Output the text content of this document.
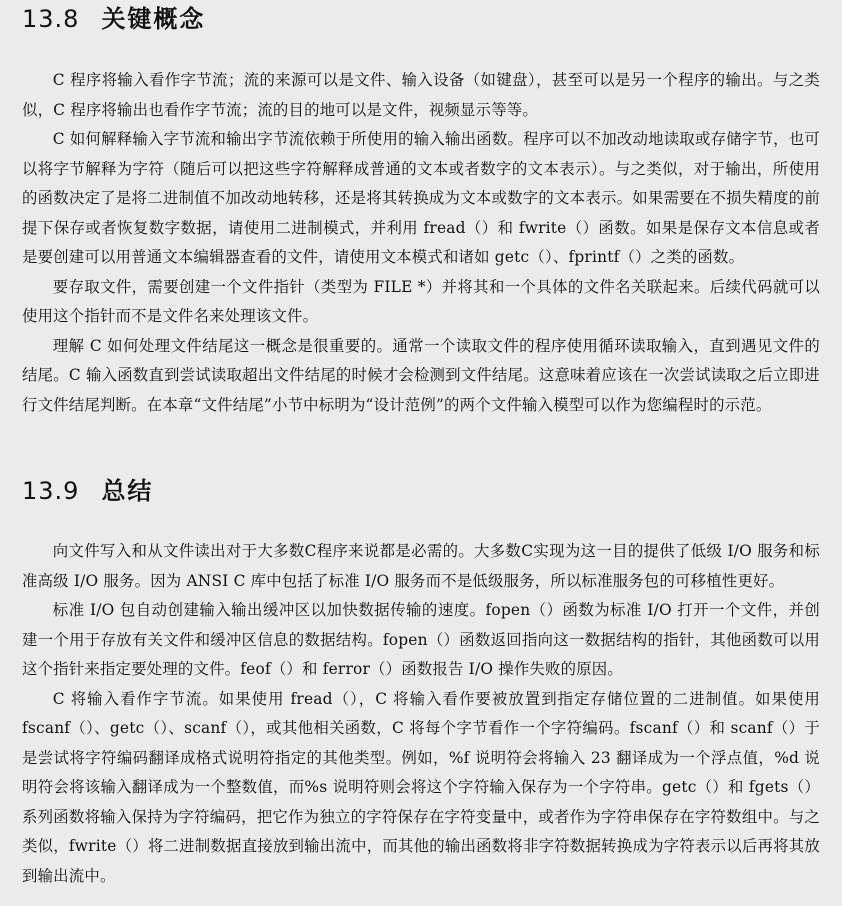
13.8 关键概念

C 程序将输入看作字节流；流的来源可以是文件、输入设备（如键盘），甚至可以是另一个程序的输出。与之类似，C 程序将输出也看作字节流；流的目的地可以是文件，视频显示等等。

C 如何解释输入字节流和输出字节流依赖于所使用的输入输出函数。程序可以不加改动地读取或存储字节，也可以将字节解释为字符（随后可以把这些字符解释成普通的文本或者数字的文本表示）。与之类似，对于输出，所使用的函数决定了是将二进制值不加改动地转移，还是将其转换成为文本或数字的文本表示。如果需要在不损失精度的前提下保存或者恢复数字数据，请使用二进制模式，并利用 fread（）和 fwrite（）函数。如果是保存文本信息或者是要创建可以用普通文本编辑器查看的文件，请使用文本模式和诸如 getc（）、fprintf（）之类的函数。

要存取文件，需要创建一个文件指针（类型为 FILE *）并将其和一个具体的文件名关联起来。后续代码就可以使用这个指针而不是文件名来处理该文件。

理解 C 如何处理文件结尾这一概念是很重要的。通常一个读取文件的程序使用循环读取输入，直到遇见文件的结尾。C 输入函数直到尝试读取超出文件结尾的时候才会检测到文件结尾。这意味着应该在一次尝试读取之后立即进行文件结尾判断。在本章“文件结尾”小节中标明为“设计范例”的两个文件输入模型可以作为您编程时的示范。

13.9 总结

向文件写入和从文件读出对于大多数C程序来说都是必需的。大多数C实现为这一目的提供了低级 I/O 服务和标准高级 I/O 服务。因为 ANSI C 库中包括了标准 I/O 服务而不是低级服务，所以标准服务包的可移植性更好。

标准 I/O 包自动创建输入输出缓冲区以加快数据传输的速度。fopen（）函数为标准 I/O 打开一个文件，并创建一个用于存放有关文件和缓冲区信息的数据结构。fopen（）函数返回指向这一数据结构的指针，其他函数可以用这个指针来指定要处理的文件。feof（）和 ferror（）函数报告 I/O 操作失败的原因。

C 将输入看作字节流。如果使用 fread（），C 将输入看作要被放置到指定存储位置的二进制值。如果使用 fscanf（）、getc（）、scanf（），或其他相关函数，C 将每个字节看作一个字符编码。fscanf（）和 scanf（）于是尝试将字符编码翻译成格式说明符指定的其他类型。例如，%f 说明符会将输入 23 翻译成为一个浮点值，%d 说明符会将该输入翻译成为一个整数值，而%s 说明符则会将这个字符输入保存为一个字符串。getc（）和 fgets（）系列函数将输入保持为字符编码，把它作为独立的字符保存在字符变量中，或者作为字符串保存在字符数组中。与之类似，fwrite（）将二进制数据直接放到输出流中，而其他的输出函数将非字符数据转换成为字符表示以后再将其放到输出流中。
